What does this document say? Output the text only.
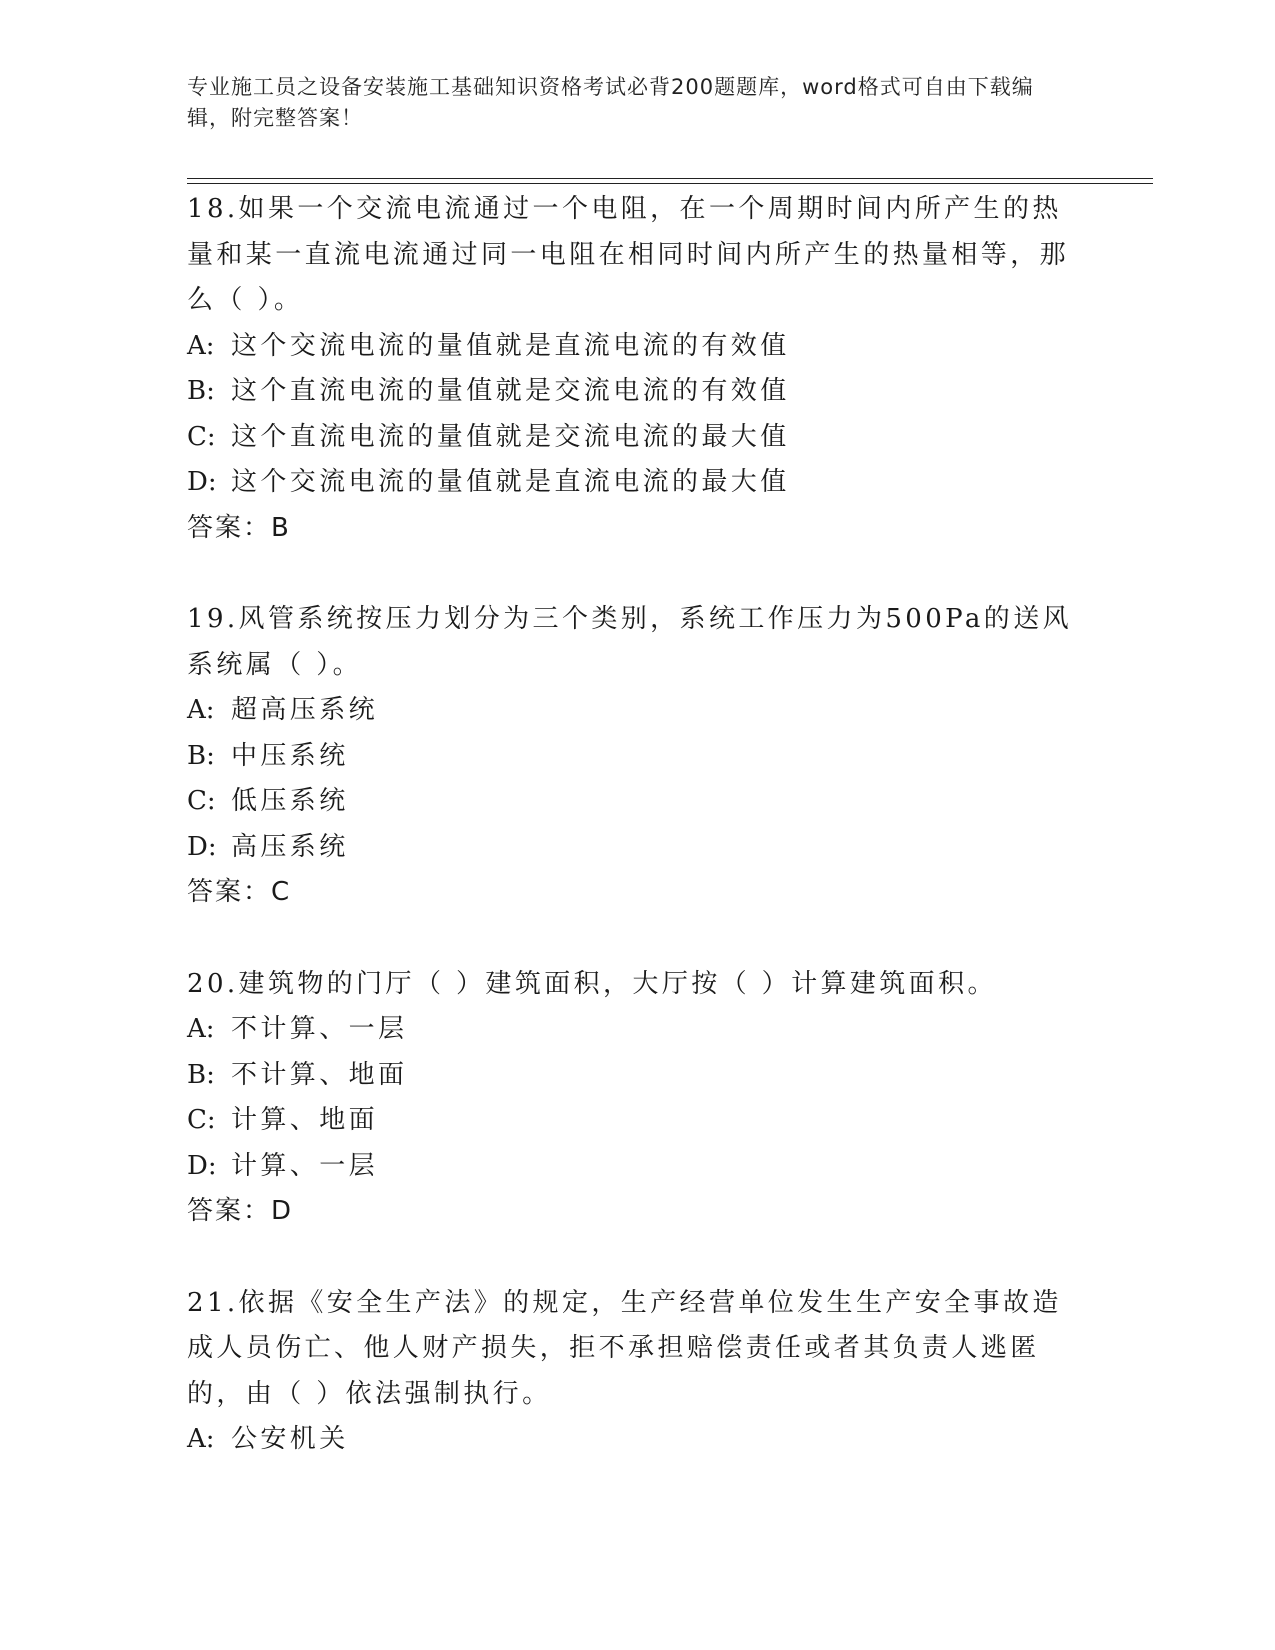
专业施工员之设备安装施工基础知识资格考试必背200题题库，word格式可自由下载编辑，附完整答案！
18.如果一个交流电流通过一个电阻，在一个周期时间内所产生的热量和某一直流电流通过同一电阻在相同时间内所产生的热量相等，那么（ ）。
A: 这个交流电流的量值就是直流电流的有效值
B: 这个直流电流的量值就是交流电流的有效值
C: 这个直流电流的量值就是交流电流的最大值
D: 这个交流电流的量值就是直流电流的最大值
答案：B
19.风管系统按压力划分为三个类别，系统工作压力为500Pa的送风系统属（ ）。
A: 超高压系统
B: 中压系统
C: 低压系统
D: 高压系统
答案：C
20.建筑物的门厅（ ）建筑面积，大厅按（ ）计算建筑面积。
A: 不计算、一层
B: 不计算、地面
C: 计算、地面
D: 计算、一层
答案：D
21.依据《安全生产法》的规定，生产经营单位发生生产安全事故造成人员伤亡、他人财产损失，拒不承担赔偿责任或者其负责人逃匿的，由（ ）依法强制执行。
A: 公安机关
